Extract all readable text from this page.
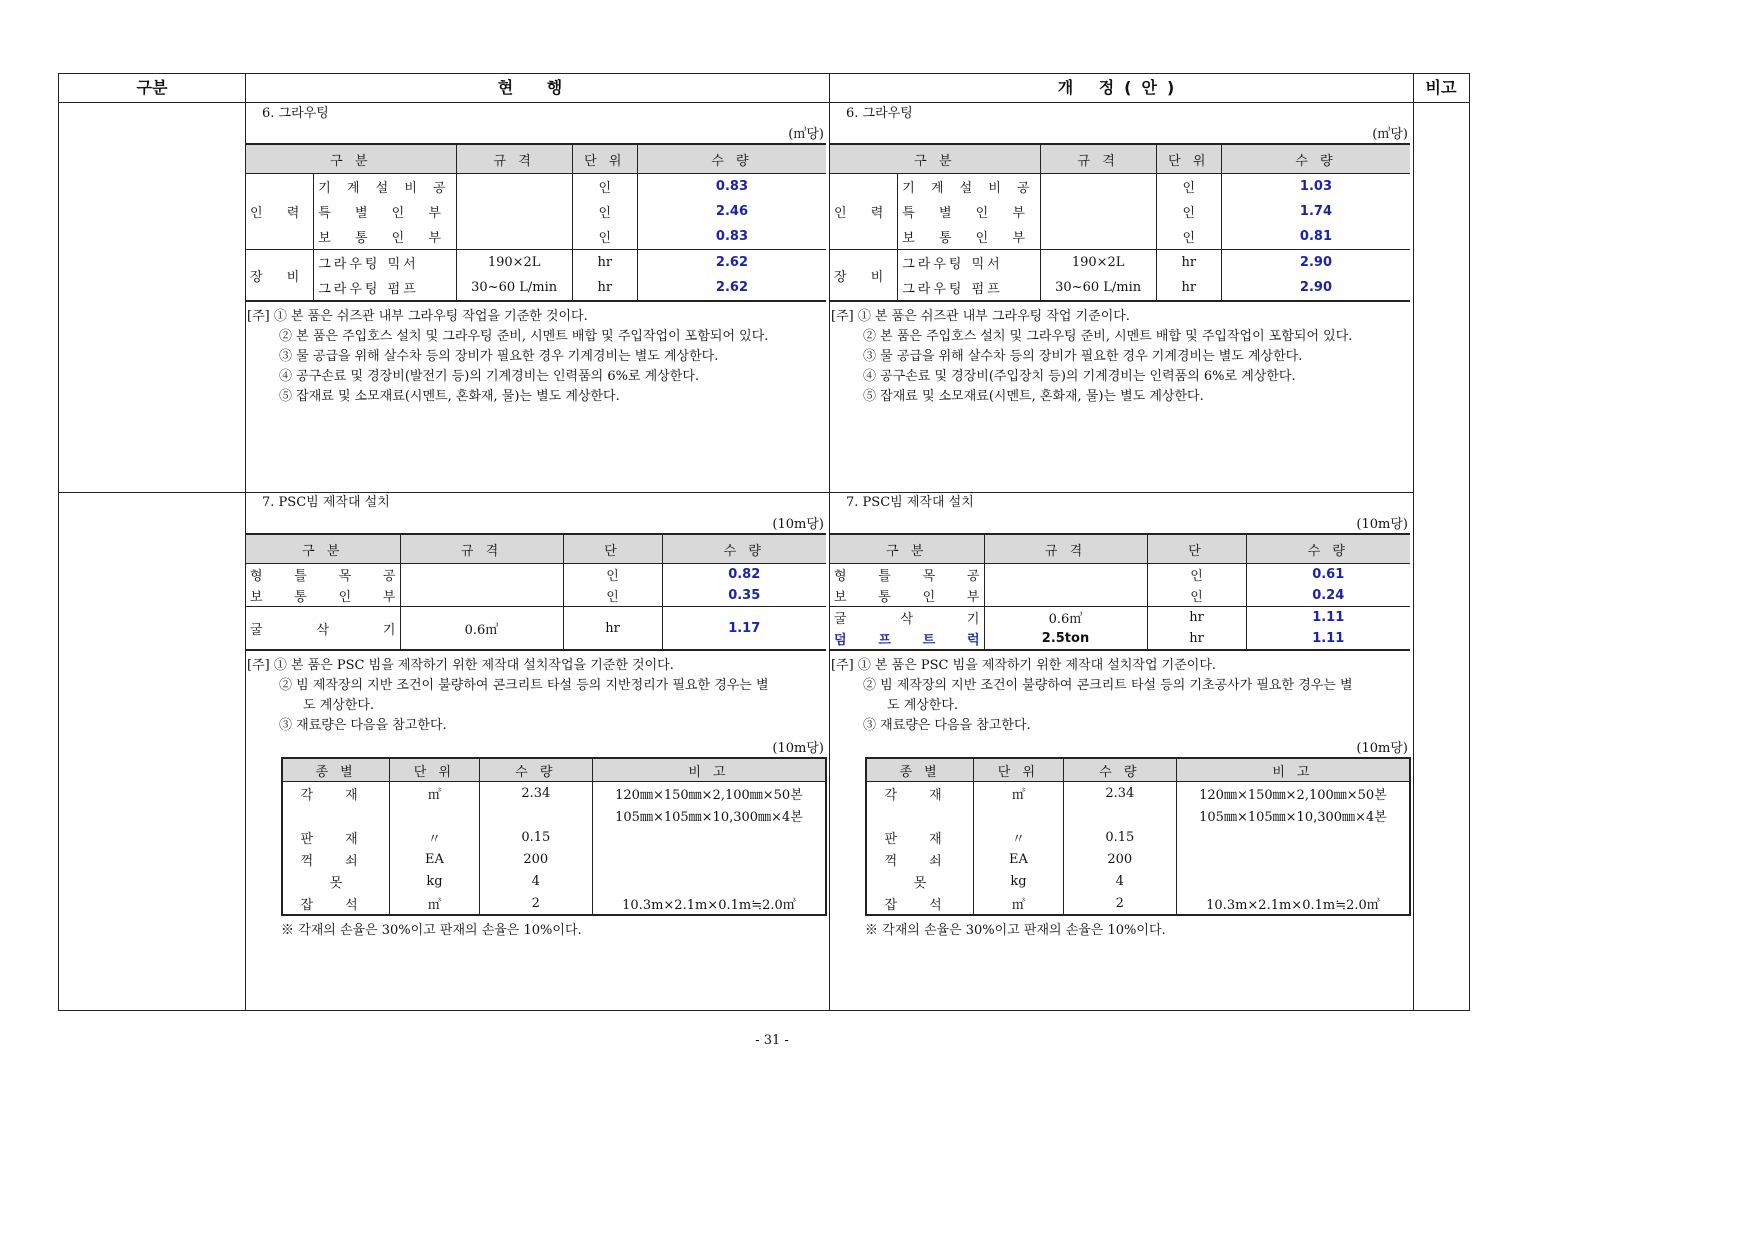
구분	현 행	개 정(안)	비고
6. 그라우팅
(㎥당)
구 분		규 격	단 위	수 량
인 력	기 계 설 비 공		인	0.83
	특 별 인 부		인	2.46
	보 통 인 부		인	0.83
장 비	그라우팅 믹서	190×2L	hr	2.62
	그라우팅 펌프	30~60 L/min	hr	2.62
[주] ① 본 품은 쉬즈관 내부 그라우팅 작업을 기준한 것이다.
② 본 품은 주입호스 설치 및 그라우팅 준비, 시멘트 배합 및 주입작업이 포함되어 있다.
③ 물 공급을 위해 살수차 등의 장비가 필요한 경우 기계경비는 별도 계상한다.
④ 공구손료 및 경장비(발전기 등)의 기계경비는 인력품의 6%로 계상한다.
⑤ 잡재료 및 소모재료(시멘트, 혼화재, 물)는 별도 계상한다.
6. 그라우팅
(㎥당)
구 분		규 격	단 위	수 량
인 력	기 계 설 비 공		인	1.03
	특 별 인 부		인	1.74
	보 통 인 부		인	0.81
장 비	그라우팅 믹서	190×2L	hr	2.90
	그라우팅 펌프	30~60 L/min	hr	2.90
[주] ① 본 품은 쉬즈관 내부 그라우팅 작업 기준이다.
② 본 품은 주입호스 설치 및 그라우팅 준비, 시멘트 배합 및 주입작업이 포함되어 있다.
③ 물 공급을 위해 살수차 등의 장비가 필요한 경우 기계경비는 별도 계상한다.
④ 공구손료 및 경장비(주입장치 등)의 기계경비는 인력품의 6%로 계상한다.
⑤ 잡재료 및 소모재료(시멘트, 혼화재, 물)는 별도 계상한다.
7. PSC빔 제작대 설치
(10m당)
구 분	규 격	단	수 량
형 틀 목 공		인	0.82
보 통 인 부		인	0.35
굴 삭 기	0.6㎥	hr	1.17
[주] ① 본 품은 PSC 빔을 제작하기 위한 제작대 설치작업을 기준한 것이다.
② 빔 제작장의 지반 조건이 불량하여 콘크리트 타설 등의 지반정리가 필요한 경우는 별
도 계상한다.
③ 재료량은 다음을 참고한다.
(10m당)
종 별	단 위	수 량	비 고
각 재	㎥	2.34	120㎜×150㎜×2,100㎜×50본
			105㎜×105㎜×10,300㎜×4본
판 재	〃	0.15	
꺽 쇠	EA	200	
못	kg	4	
잡 석	㎥	2	10.3m×2.1m×0.1m≒2.0㎥
※ 각재의 손율은 30%이고 판재의 손율은 10%이다.
7. PSC빔 제작대 설치
(10m당)
구 분	규 격	단	수 량
형 틀 목 공		인	0.61
보 통 인 부		인	0.24
굴 삭 기	0.6㎥	hr	1.11
덤 프 트 럭	2.5ton	hr	1.11
[주] ① 본 품은 PSC 빔을 제작하기 위한 제작대 설치작업 기준이다.
② 빔 제작장의 지반 조건이 불량하여 콘크리트 타설 등의 기초공사가 필요한 경우는 별
도 계상한다.
③ 재료량은 다음을 참고한다.
(10m당)
종 별	단 위	수 량	비 고
각 재	㎥	2.34	120㎜×150㎜×2,100㎜×50본
			105㎜×105㎜×10,300㎜×4본
판 재	〃	0.15	
꺽 쇠	EA	200	
못	kg	4	
잡 석	㎥	2	10.3m×2.1m×0.1m≒2.0㎥
※ 각재의 손율은 30%이고 판재의 손율은 10%이다.
- 31 -
